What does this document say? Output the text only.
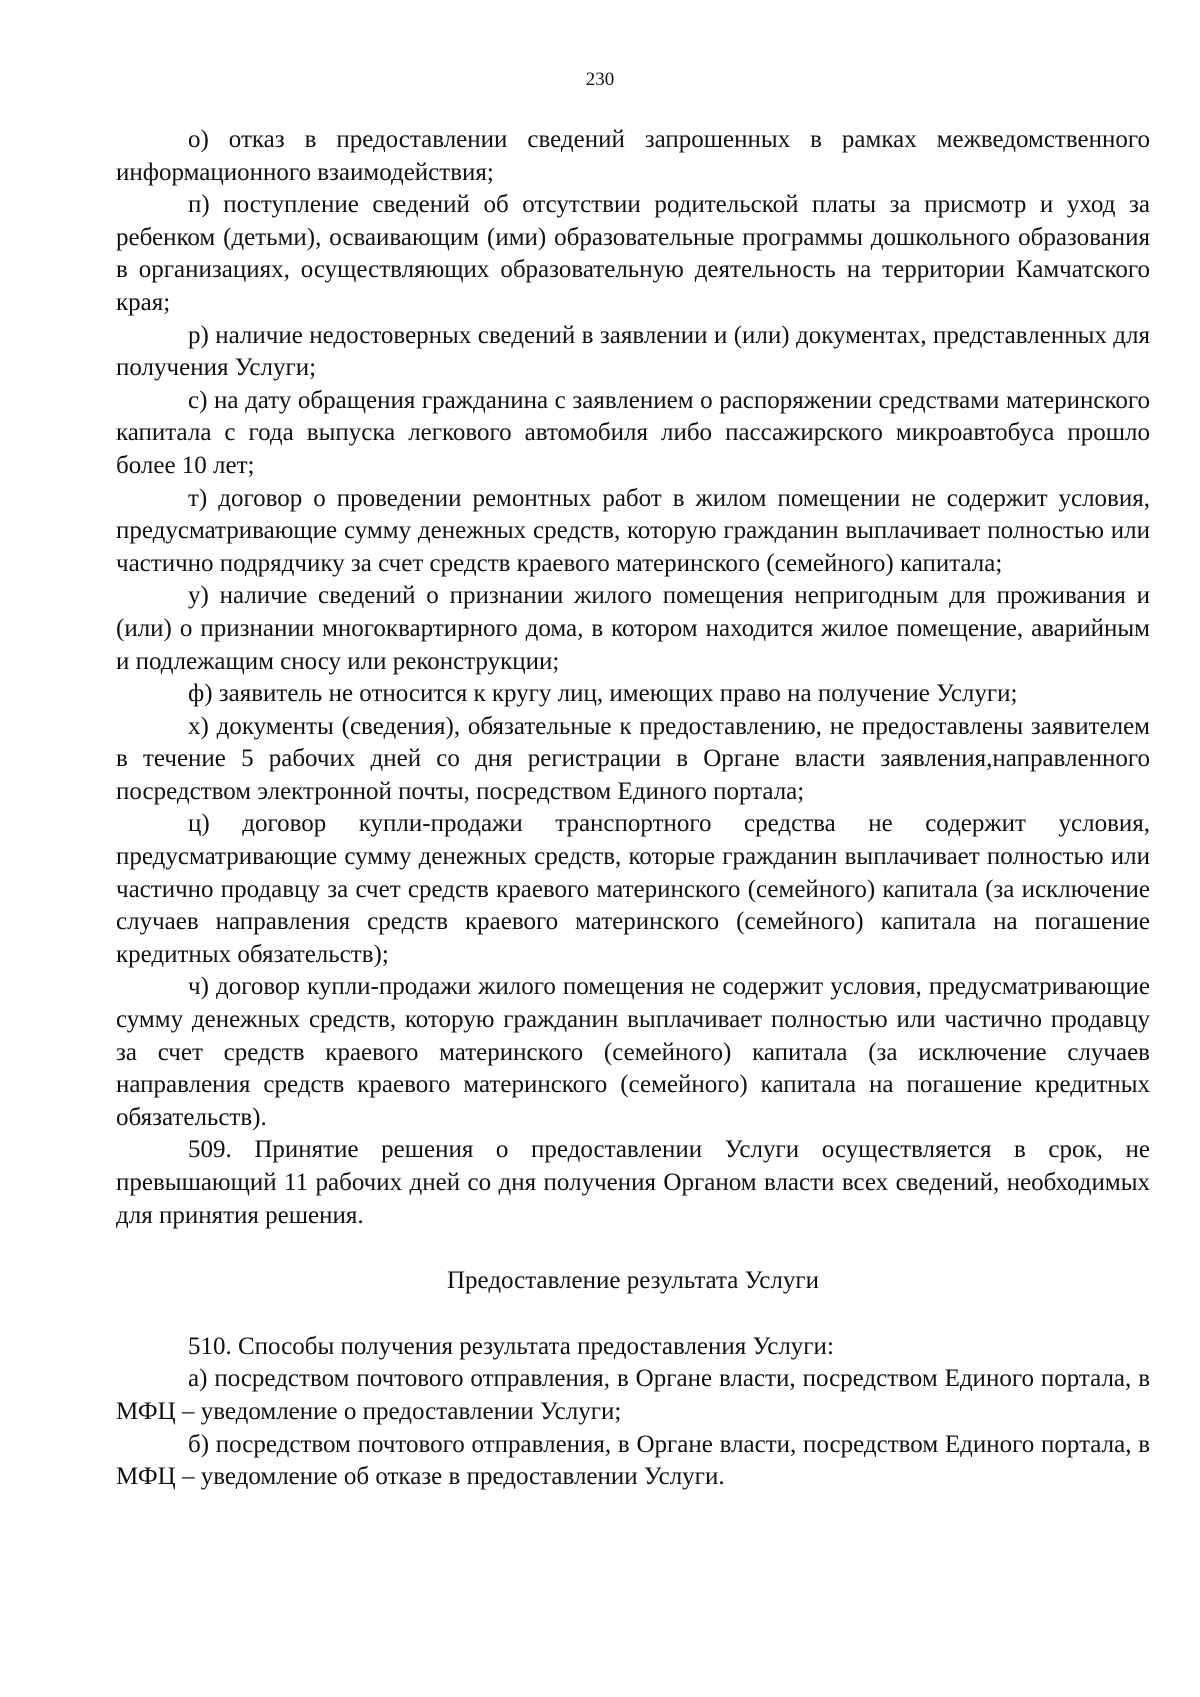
230

о) отказ в предоставлении сведений запрошенных в рамках межведомственного информационного взаимодействия;

п) поступление сведений об отсутствии родительской платы за присмотр и уход за ребенком (детьми), осваивающим (ими) образовательные программы дошкольного образования в организациях, осуществляющих образовательную деятельность на территории Камчатского края;

р) наличие недостоверных сведений в заявлении и (или) документах, представленных для получения Услуги;

с) на дату обращения гражданина с заявлением о распоряжении средствами материнского капитала с года выпуска легкового автомобиля либо пассажирского микроавтобуса прошло более 10 лет;

т) договор о проведении ремонтных работ в жилом помещении не содержит условия, предусматривающие сумму денежных средств, которую гражданин выплачивает полностью или частично подрядчику за счет средств краевого материнского (семейного) капитала;

у) наличие сведений о признании жилого помещения непригодным для проживания и (или) о признании многоквартирного дома, в котором находится жилое помещение, аварийным и подлежащим сносу или реконструкции;

ф) заявитель не относится к кругу лиц, имеющих право на получение Услуги;

х) документы (сведения), обязательные к предоставлению, не предоставлены заявителем в течение 5 рабочих дней со дня регистрации в Органе власти заявления,направленного посредством электронной почты, посредством Единого портала;

ц) договор купли-продажи транспортного средства не содержит условия, предусматривающие сумму денежных средств, которые гражданин выплачивает полностью или частично продавцу за счет средств краевого материнского (семейного) капитала (за исключение случаев направления средств краевого материнского (семейного) капитала на погашение кредитных обязательств);

ч) договор купли-продажи жилого помещения не содержит условия, предусматривающие сумму денежных средств, которую гражданин выплачивает полностью или частично продавцу за счет средств краевого материнского (семейного) капитала (за исключение случаев направления средств краевого материнского (семейного) капитала на погашение кредитных обязательств).

509. Принятие решения о предоставлении Услуги осуществляется в срок, не превышающий 11 рабочих дней со дня получения Органом власти всех сведений, необходимых для принятия решения.

Предоставление результата Услуги

510. Способы получения результата предоставления Услуги:

а) посредством почтового отправления, в Органе власти, посредством Единого портала, в МФЦ – уведомление о предоставлении Услуги;

б) посредством почтового отправления, в Органе власти, посредством Единого портала, в МФЦ – уведомление об отказе в предоставлении Услуги.
